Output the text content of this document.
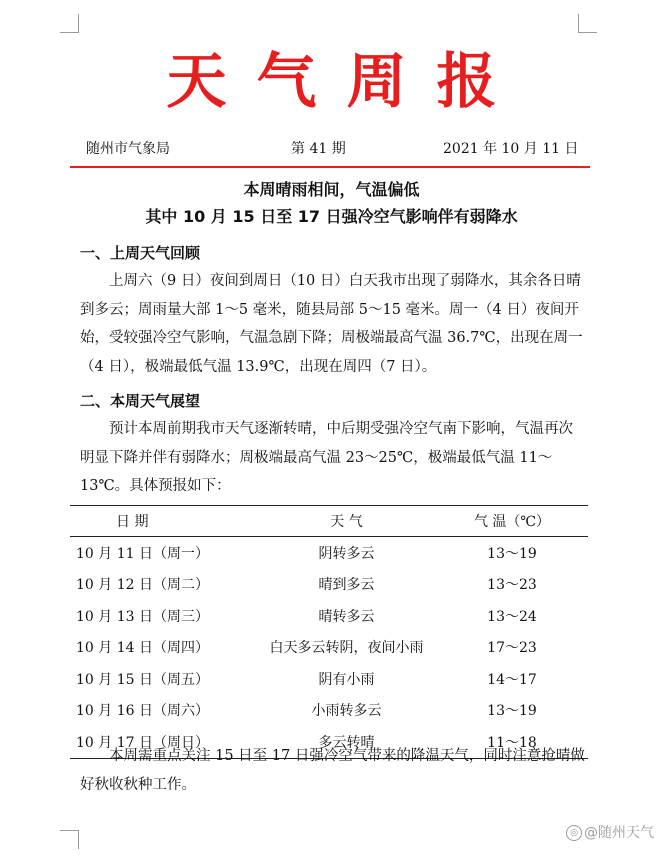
天气周报
随州市气象局	第 41 期	2021 年 10 月 11 日
本周晴雨相间，气温偏低
其中 10 月 15 日至 17 日强冷空气影响伴有弱降水
一、上周天气回顾
上周六（9 日）夜间到周日（10 日）白天我市出现了弱降水，其余各日晴到多云；周雨量大部 1～5 毫米，随县局部 5～15 毫米。周一（4 日）夜间开始，受较强冷空气影响，气温急剧下降；周极端最高气温 36.7℃，出现在周一（4 日），极端最低气温 13.9℃，出现在周四（7 日）。
二、本周天气展望
预计本周前期我市天气逐渐转晴，中后期受强冷空气南下影响，气温再次明显下降并伴有弱降水；周极端最高气温 23～25℃，极端最低气温 11～13℃。具体预报如下：
日 期	天 气	气 温（℃）
10 月 11 日（周一）	阴转多云	13～19
10 月 12 日（周二）	晴到多云	13～23
10 月 13 日（周三）	晴转多云	13～24
10 月 14 日（周四）	白天多云转阴，夜间小雨	17～23
10 月 15 日（周五）	阴有小雨	14～17
10 月 16 日（周六）	小雨转多云	13～19
10 月 17 日（周日）	多云转晴	11～18
本周需重点关注 15 日至 17 日强冷空气带来的降温天气，同时注意抢晴做好秋收秋种工作。
◎ @随州天气
